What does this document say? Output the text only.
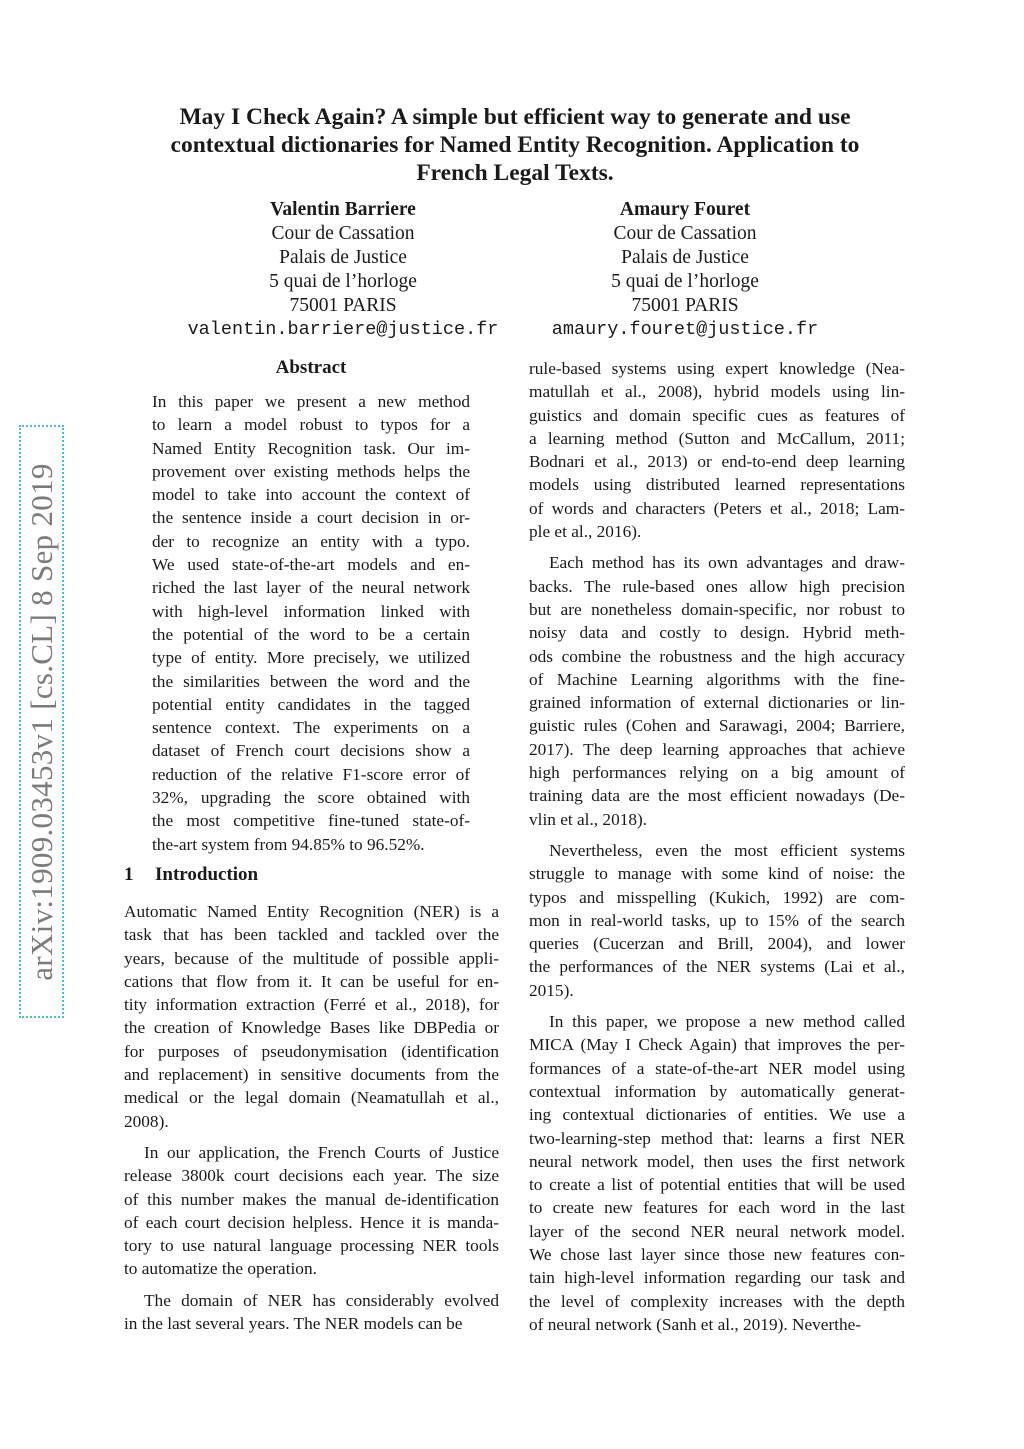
May I Check Again? A simple but efficient way to generate and use
contextual dictionaries for Named Entity Recognition. Application to
French Legal Texts.
Valentin Barriere
Cour de Cassation
Palais de Justice
5 quai de l’horloge
75001 PARIS
valentin.barriere@justice.fr
Amaury Fouret
Cour de Cassation
Palais de Justice
5 quai de l’horloge
75001 PARIS
amaury.fouret@justice.fr
arXiv:1909.03453v1 [cs.CL] 8 Sep 2019
Abstract
In this paper we present a new method
to learn a model robust to typos for a
Named Entity Recognition task. Our im-
provement over existing methods helps the
model to take into account the context of
the sentence inside a court decision in or-
der to recognize an entity with a typo.
We used state-of-the-art models and en-
riched the last layer of the neural network
with high-level information linked with
the potential of the word to be a certain
type of entity. More precisely, we utilized
the similarities between the word and the
potential entity candidates in the tagged
sentence context. The experiments on a
dataset of French court decisions show a
reduction of the relative F1-score error of
32%, upgrading the score obtained with
the most competitive fine-tuned state-of-
the-art system from 94.85% to 96.52%.
1 Introduction
Automatic Named Entity Recognition (NER) is a
task that has been tackled and tackled over the
years, because of the multitude of possible appli-
cations that flow from it. It can be useful for en-
tity information extraction (Ferré et al., 2018), for
the creation of Knowledge Bases like DBPedia or
for purposes of pseudonymisation (identification
and replacement) in sensitive documents from the
medical or the legal domain (Neamatullah et al.,
2008).
In our application, the French Courts of Justice
release 3800k court decisions each year. The size
of this number makes the manual de-identification
of each court decision helpless. Hence it is manda-
tory to use natural language processing NER tools
to automatize the operation.
The domain of NER has considerably evolved
in the last several years. The NER models can be
rule-based systems using expert knowledge (Nea-
matullah et al., 2008), hybrid models using lin-
guistics and domain specific cues as features of
a learning method (Sutton and McCallum, 2011;
Bodnari et al., 2013) or end-to-end deep learning
models using distributed learned representations
of words and characters (Peters et al., 2018; Lam-
ple et al., 2016).
Each method has its own advantages and draw-
backs. The rule-based ones allow high precision
but are nonetheless domain-specific, nor robust to
noisy data and costly to design. Hybrid meth-
ods combine the robustness and the high accuracy
of Machine Learning algorithms with the fine-
grained information of external dictionaries or lin-
guistic rules (Cohen and Sarawagi, 2004; Barriere,
2017). The deep learning approaches that achieve
high performances relying on a big amount of
training data are the most efficient nowadays (De-
vlin et al., 2018).
Nevertheless, even the most efficient systems
struggle to manage with some kind of noise: the
typos and misspelling (Kukich, 1992) are com-
mon in real-world tasks, up to 15% of the search
queries (Cucerzan and Brill, 2004), and lower
the performances of the NER systems (Lai et al.,
2015).
In this paper, we propose a new method called
MICA (May I Check Again) that improves the per-
formances of a state-of-the-art NER model using
contextual information by automatically generat-
ing contextual dictionaries of entities. We use a
two-learning-step method that: learns a first NER
neural network model, then uses the first network
to create a list of potential entities that will be used
to create new features for each word in the last
layer of the second NER neural network model.
We chose last layer since those new features con-
tain high-level information regarding our task and
the level of complexity increases with the depth
of neural network (Sanh et al., 2019). Neverthe-
